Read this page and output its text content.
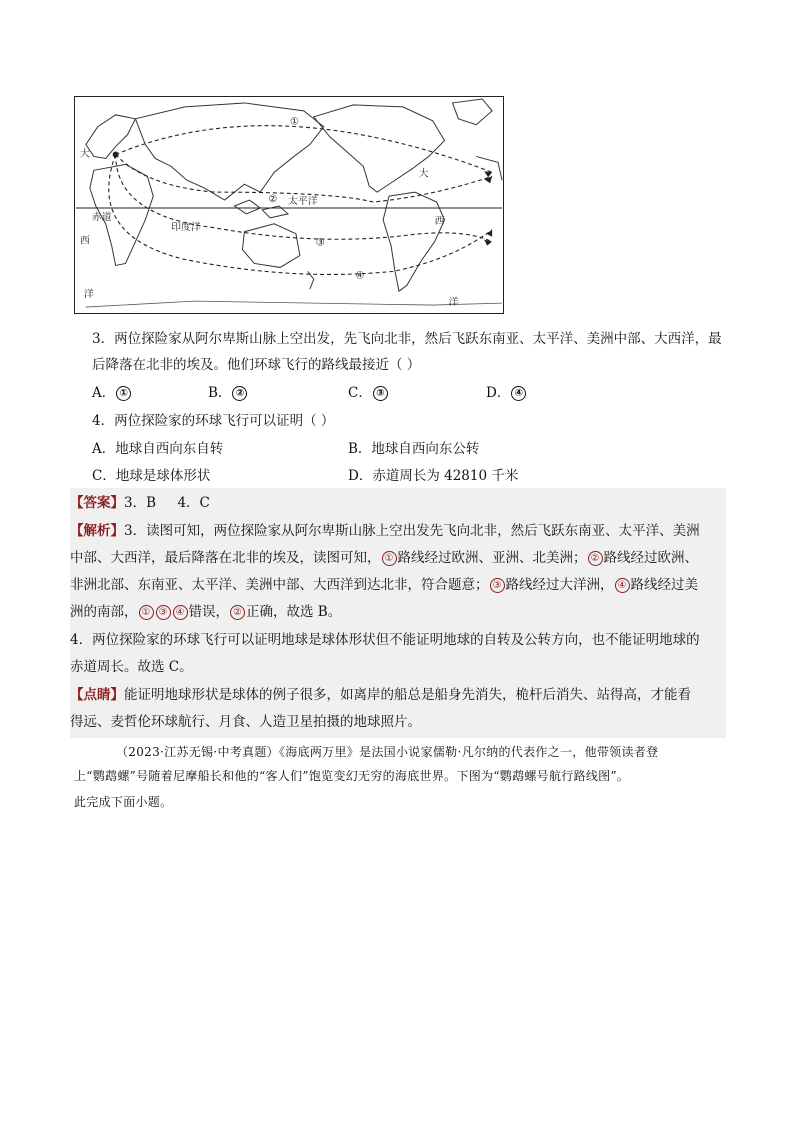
大
赤道
西
洋
印度洋
太平洋
大
西
洋
①
②
③
④
3．两位探险家从阿尔卑斯山脉上空出发，先飞向北非，然后飞跃东南亚、太平洋、美洲中部、大西洋，最
后降落在北非的埃及。他们环球飞行的路线最接近（ ）
A． ①	B． ②	C． ③	D． ④
4．两位探险家的环球飞行可以证明（ ）
A．地球自西向东自转	B．地球自西向东公转
C．地球是球体形状	D．赤道周长为 42810 千米
【答案】3．B     4．C
【解析】3．读图可知，两位探险家从阿尔卑斯山脉上空出发先飞向北非，然后飞跃东南亚、太平洋、美洲
中部、大西洋，最后降落在北非的埃及，读图可知， ① 路线经过欧洲、亚洲、北美洲； ② 路线经过欧洲、
非洲北部、东南亚、太平洋、美洲中部、大西洋到达北非，符合题意； ③ 路线经过大洋洲， ④ 路线经过美
洲的南部， ① ③ ④ 错误， ② 正确，故选 B。
4．两位探险家的环球飞行可以证明地球是球体形状但不能证明地球的自转及公转方向，也不能证明地球的
赤道周长。故选 C。
【点睛】能证明地球形状是球体的例子很多，如离岸的船总是船身先消失，桅杆后消失、站得高，才能看
得远、麦哲伦环球航行、月食、人造卫星拍摄的地球照片。
（2023·江苏无锡·中考真题）《海底两万里》是法国小说家儒勒·凡尔纳的代表作之一，他带领读者登
上“鹦鹉螺”号随着尼摩船长和他的“客人们”饱览变幻无穷的海底世界。下图为“鹦鹉螺号航行路线图”。
此完成下面小题。
